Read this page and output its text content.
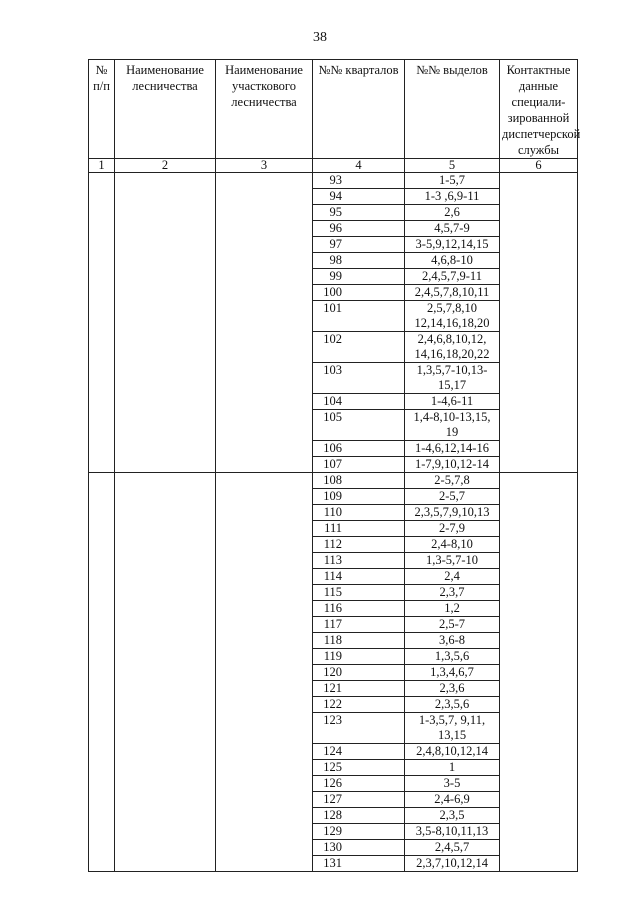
38
№ п/п	Наименование лесничества	Наименование участкового лесничества	№№ кварталов	№№ выделов	Контактные данные специали-зированной диспетчерской службы
1	2	3	4	5	6
			93	1-5,7	
			94	1-3 ,6,9-11	
			95	2,6	
			96	4,5,7-9	
			97	3-5,9,12,14,15	
			98	4,6,8-10	
			99	2,4,5,7,9-11	
			100	2,4,5,7,8,10,11	
			101	2,5,7,8,10 12,14,16,18,20	
			102	2,4,6,8,10,12, 14,16,18,20,22	
			103	1,3,5,7-10,13- 15,17	
			104	1-4,6-11	
			105	1,4-8,10-13,15, 19	
			106	1-4,6,12,14-16	
			107	1-7,9,10,12-14	
			108	2-5,7,8	
			109	2-5,7	
			110	2,3,5,7,9,10,13	
			111	2-7,9	
			112	2,4-8,10	
			113	1,3-5,7-10	
			114	2,4	
			115	2,3,7	
			116	1,2	
			117	2,5-7	
			118	3,6-8	
			119	1,3,5,6	
			120	1,3,4,6,7	
			121	2,3,6	
			122	2,3,5,6	
			123	1-3,5,7, 9,11, 13,15	
			124	2,4,8,10,12,14	
			125	1	
			126	3-5	
			127	2,4-6,9	
			128	2,3,5	
			129	3,5-8,10,11,13	
			130	2,4,5,7	
			131	2,3,7,10,12,14	
